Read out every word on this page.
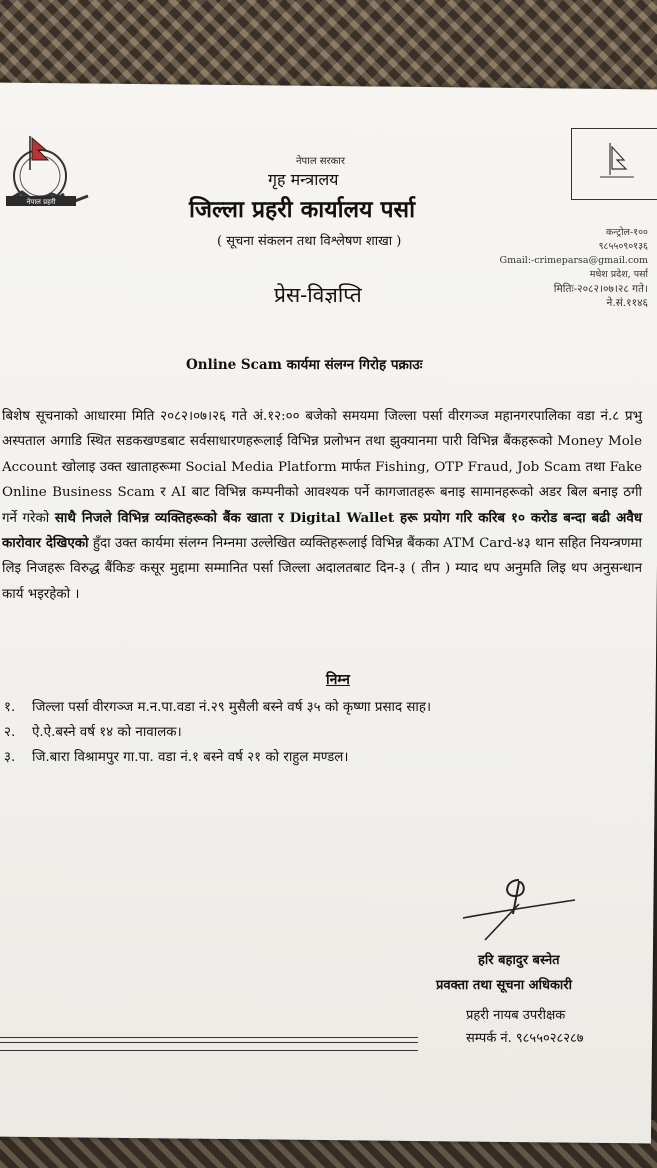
नेपाल प्रहरी
नेपाल सरकार
गृह मन्त्रालय
जिल्ला प्रहरी कार्यालय पर्सा
( सूचना संकलन तथा विश्लेषण शाखा )
कन्ट्रोल-१००
९८५५०९०१३६
Gmail:-crimeparsa@gmail.com
मधेश प्रदेश, पर्सा
मितिः-२०८२।०७।२८ गते।
ने.सं.११४६
प्रेस-विज्ञप्ति
Online Scam कार्यमा संलग्न गिरोह पक्राउः
बिशेष सूचनाको आधारमा मिति २०८२।०७।२६ गते अं.१२:०० बजेको समयमा जिल्ला पर्सा वीरगञ्ज महानगरपालिका वडा नं.८ प्रभु अस्पताल अगाडि स्थित सडकखण्डबाट सर्वसाधारणहरूलाई विभिन्न प्रलोभन तथा झुक्यानमा पारी विभिन्न बैंकहरूको Money Mole Account खोलाइ उक्त खाताहरूमा Social Media Platform मार्फत Fishing, OTP Fraud, Job Scam तथा Fake Online Business Scam र AI बाट विभिन्न कम्पनीको आवश्यक पर्ने कागजातहरू बनाइ सामानहरूको अडर बिल बनाइ ठगी गर्ने गरेको साथै निजले विभिन्न व्यक्तिहरूको बैंक खाता र Digital Wallet हरू प्रयोग गरि करिब १० करोड बन्दा बढी अवैध कारोवार देखिएको हुँदा उक्त कार्यमा संलग्न निम्नमा उल्लेखित व्यक्तिहरूलाई विभिन्न बैंकका ATM Card-४३ थान सहित नियन्त्रणमा लिइ निजहरू विरुद्ध बैंकिङ कसूर मुद्दामा सम्मानित पर्सा जिल्ला अदालतबाट दिन-३ ( तीन ) म्याद थप अनुमति लिइ थप अनुसन्धान कार्य भइरहेको ।
निम्न
१. जिल्ला पर्सा वीरगञ्ज म.न.पा.वडा नं.२९ मुसैली बस्ने वर्ष ३५ को कृष्णा प्रसाद साह।
२. ऐ.ऐ.बस्ने वर्ष १४ को नावालक।
३. जि.बारा विश्रामपुर गा.पा. वडा नं.१ बस्ने वर्ष २१ को राहुल मण्डल।
हरि बहादुर बस्नेत
प्रवक्ता तथा सूचना अधिकारी
प्रहरी नायब उपरीक्षक
सम्पर्क नं. ९८५५०२८२८७
